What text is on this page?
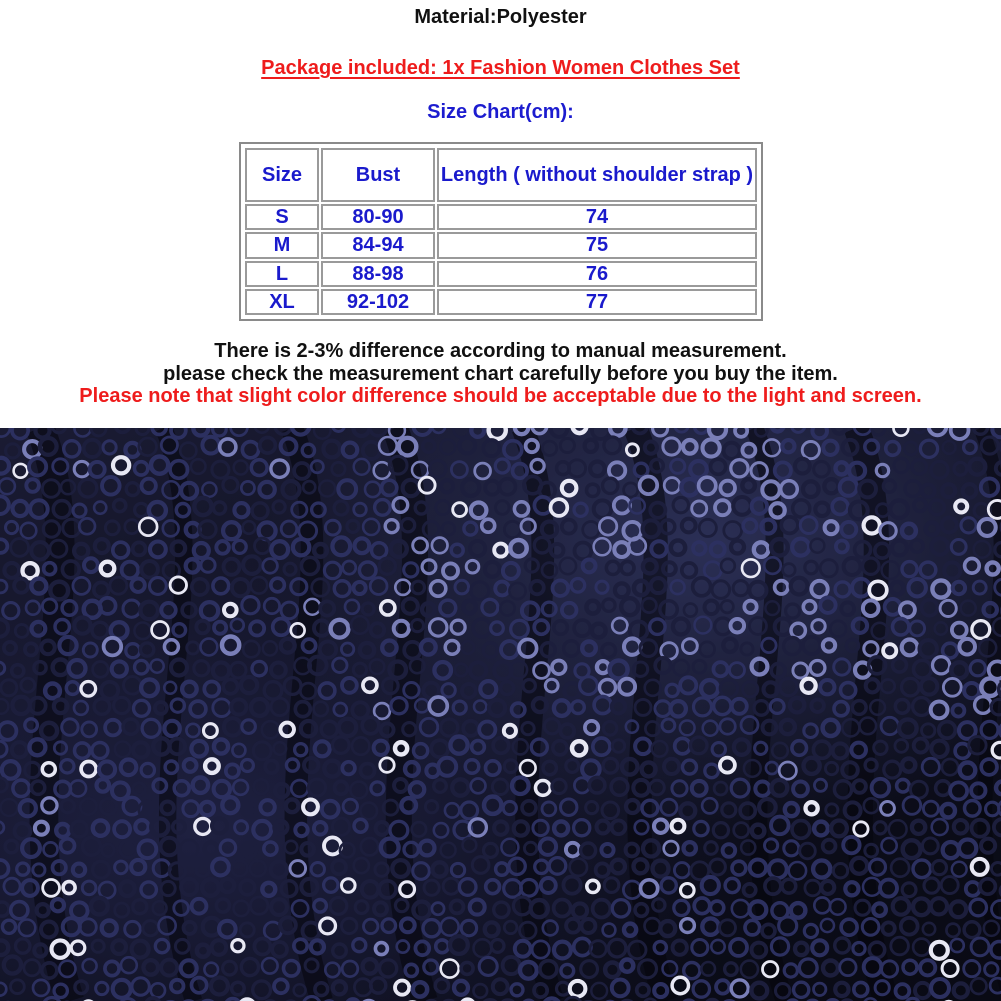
Material:Polyester
Package included: 1x Fashion Women Clothes Set
Size Chart(cm):
Size	Bust	Length ( without shoulder strap )
S	80-90	74
M	84-94	75
L	88-98	76
XL	92-102	77
There is 2-3% difference according to manual measurement.
please check the measurement chart carefully before you buy the item.
Please note that slight color difference should be acceptable due to the light and screen.
